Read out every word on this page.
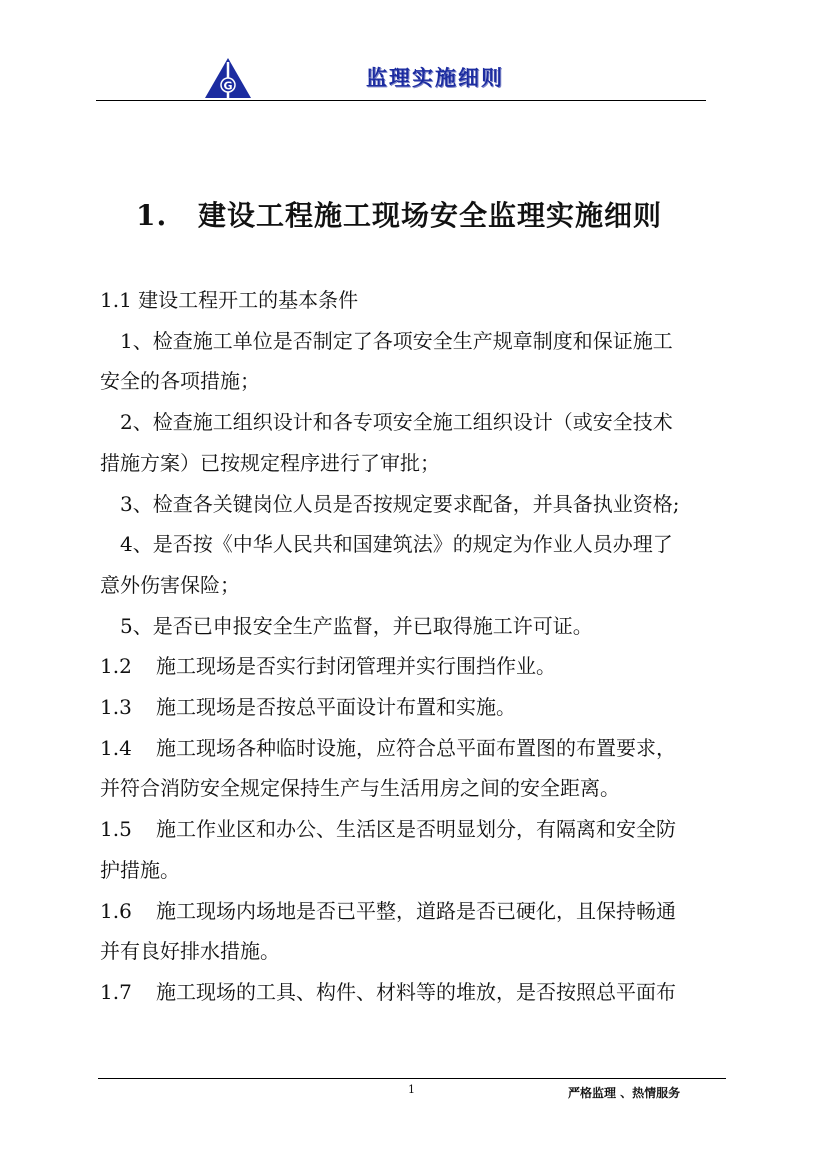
G	监理实施细则
1. 建设工程施工现场安全监理实施细则

1.1 建设工程开工的基本条件

1、检查施工单位是否制定了各项安全生产规章制度和保证施工

安全的各项措施；

2、检查施工组织设计和各专项安全施工组织设计（或安全技术

措施方案）已按规定程序进行了审批；

3、检查各关键岗位人员是否按规定要求配备，并具备执业资格;

4、是否按《中华人民共和国建筑法》的规定为作业人员办理了

意外伤害保险；

5、是否已申报安全生产监督，并已取得施工许可证。

1.2 施工现场是否实行封闭管理并实行围挡作业。

1.3 施工现场是否按总平面设计布置和实施。

1.4 施工现场各种临时设施，应符合总平面布置图的布置要求，

并符合消防安全规定保持生产与生活用房之间的安全距离。

1.5 施工作业区和办公、生活区是否明显划分，有隔离和安全防

护措施。

1.6 施工现场内场地是否已平整，道路是否已硬化，且保持畅通

并有良好排水措施。

1.7 施工现场的工具、构件、材料等的堆放，是否按照总平面布

1	严格监理 、热情服务
